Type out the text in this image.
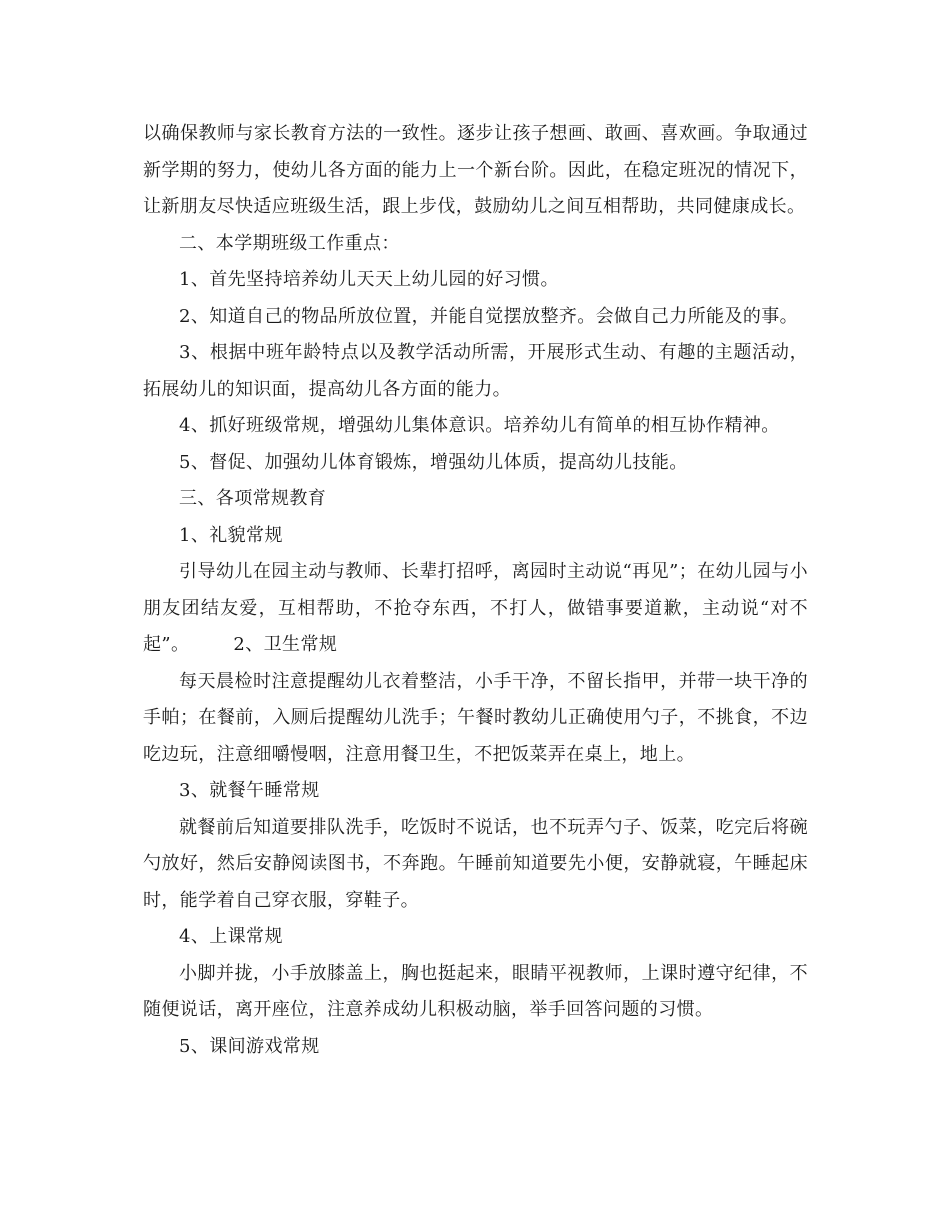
以确保教师与家长教育方法的一致性。逐步让孩子想画、敢画、喜欢画。争取通过新学期的努力，使幼儿各方面的能力上一个新台阶。因此，在稳定班况的情况下，让新朋友尽快适应班级生活，跟上步伐，鼓励幼儿之间互相帮助，共同健康成长。

二、本学期班级工作重点：

1、首先坚持培养幼儿天天上幼儿园的好习惯。

2、知道自己的物品所放位置，并能自觉摆放整齐。会做自己力所能及的事。

3、根据中班年龄特点以及教学活动所需，开展形式生动、有趣的主题活动，拓展幼儿的知识面，提高幼儿各方面的能力。

4、抓好班级常规，增强幼儿集体意识。培养幼儿有简单的相互协作精神。

5、督促、加强幼儿体育锻炼，增强幼儿体质，提高幼儿技能。

三、各项常规教育

1、礼貌常规

引导幼儿在园主动与教师、长辈打招呼，离园时主动说“再见”；在幼儿园与小朋友团结友爱，互相帮助，不抢夺东西，不打人，做错事要道歉，主动说“对不起”。 2、卫生常规

每天晨检时注意提醒幼儿衣着整洁，小手干净，不留长指甲，并带一块干净的手帕；在餐前，入厕后提醒幼儿洗手；午餐时教幼儿正确使用勺子，不挑食，不边吃边玩，注意细嚼慢咽，注意用餐卫生，不把饭菜弄在桌上，地上。

3、就餐午睡常规

就餐前后知道要排队洗手，吃饭时不说话，也不玩弄勺子、饭菜，吃完后将碗勺放好，然后安静阅读图书，不奔跑。午睡前知道要先小便，安静就寝，午睡起床时，能学着自己穿衣服，穿鞋子。

4、上课常规

小脚并拢，小手放膝盖上，胸也挺起来，眼睛平视教师，上课时遵守纪律，不随便说话，离开座位，注意养成幼儿积极动脑，举手回答问题的习惯。

5、课间游戏常规
